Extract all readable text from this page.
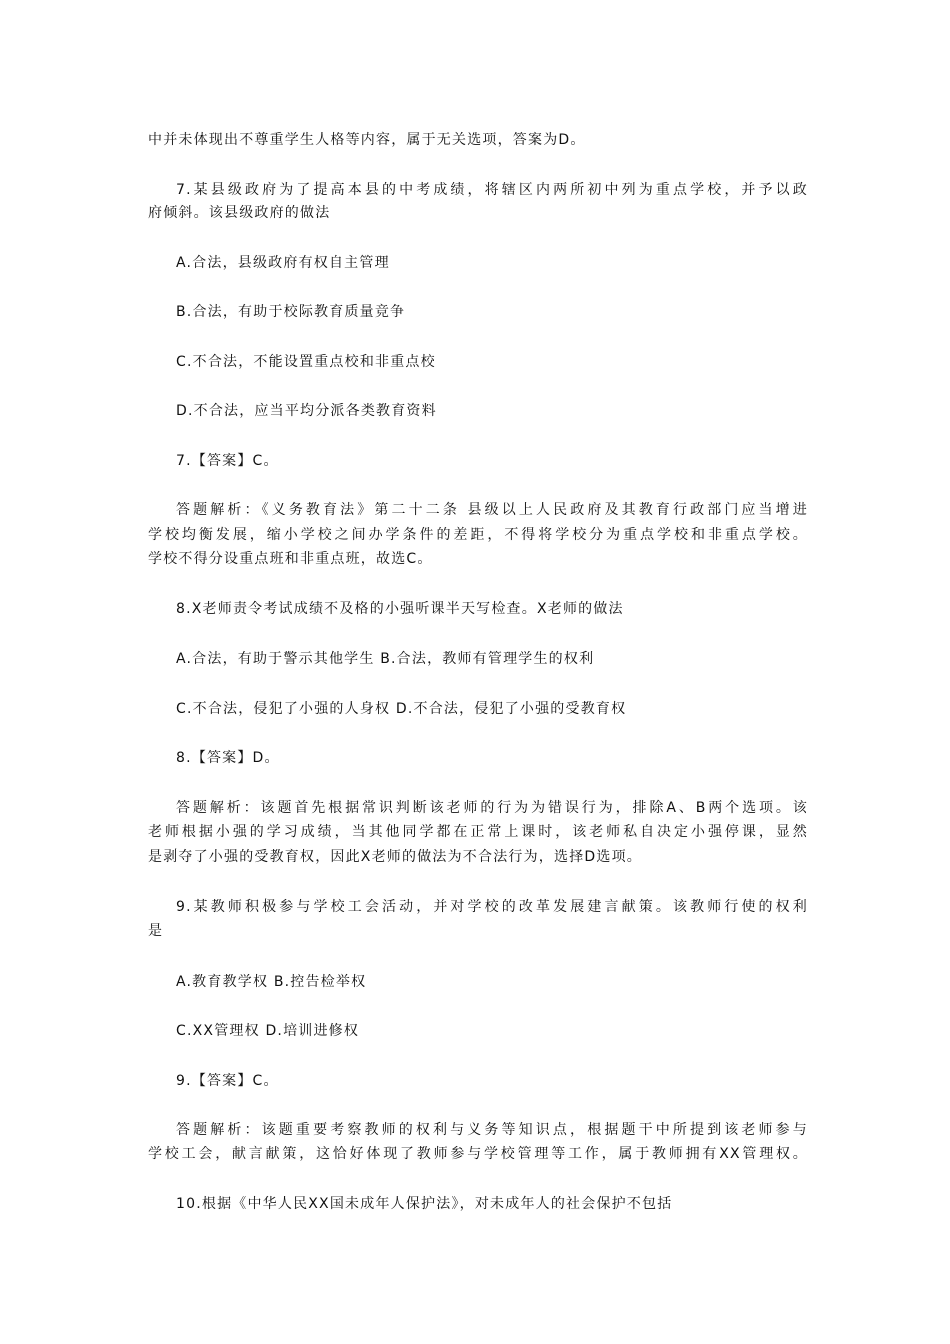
中并未体现出不尊重学生人格等内容，属于无关选项，答案为D。
7.某县级政府为了提高本县的中考成绩，将辖区内两所初中列为重点学校，并予以政
府倾斜。该县级政府的做法
A.合法，县级政府有权自主管理
B.合法，有助于校际教育质量竞争
C.不合法，不能设置重点校和非重点校
D.不合法，应当平均分派各类教育资料
7.【答案】C。
答题解析：《义务教育法》第二十二条 县级以上人民政府及其教育行政部门应当增进
学校均衡发展，缩小学校之间办学条件的差距，不得将学校分为重点学校和非重点学校。
学校不得分设重点班和非重点班，故选C。
8.X老师责令考试成绩不及格的小强听课半天写检查。X老师的做法
A.合法，有助于警示其他学生 B.合法，教师有管理学生的权利
C.不合法，侵犯了小强的人身权 D.不合法，侵犯了小强的受教育权
8.【答案】D。
答题解析：该题首先根据常识判断该老师的行为为错误行为，排除A、B两个选项。该
老师根据小强的学习成绩，当其他同学都在正常上课时，该老师私自决定小强停课，显然
是剥夺了小强的受教育权，因此X老师的做法为不合法行为，选择D选项。
9.某教师积极参与学校工会活动，并对学校的改革发展建言献策。该教师行使的权利
是
A.教育教学权 B.控告检举权
C.XX管理权 D.培训进修权
9.【答案】C。
答题解析：该题重要考察教师的权利与义务等知识点，根据题干中所提到该老师参与
学校工会，献言献策，这恰好体现了教师参与学校管理等工作，属于教师拥有XX管理权。
10.根据《中华人民XX国未成年人保护法》，对未成年人的社会保护不包括
